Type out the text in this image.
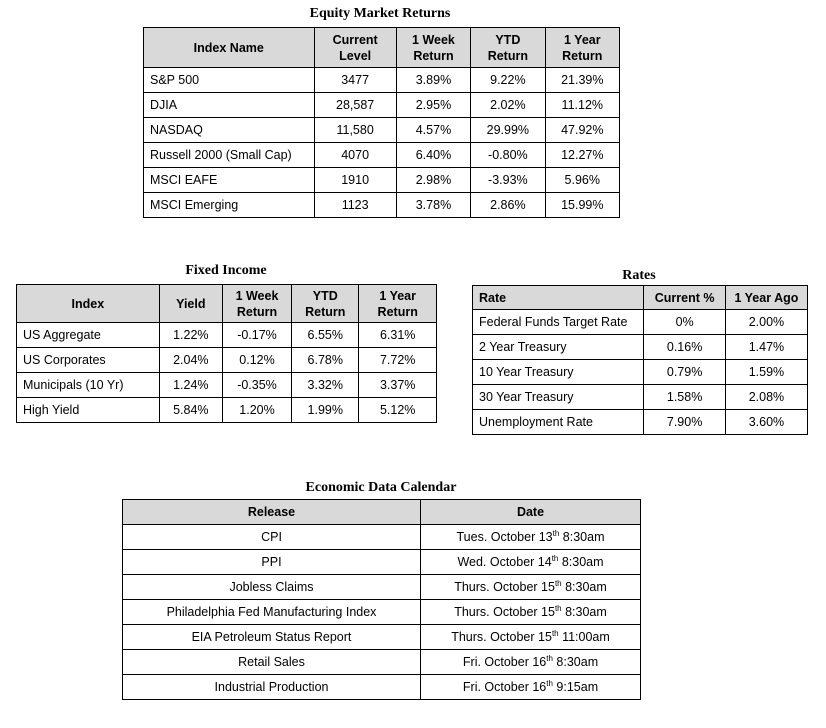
Equity Market Returns
Index Name	Current Level	1 Week Return	YTD Return	1 Year Return
S&P 500	3477	3.89%	9.22%	21.39%
DJIA	28,587	2.95%	2.02%	11.12%
NASDAQ	11,580	4.57%	29.99%	47.92%
Russell 2000 (Small Cap)	4070	6.40%	-0.80%	12.27%
MSCI EAFE	1910	2.98%	-3.93%	5.96%
MSCI Emerging	1123	3.78%	2.86%	15.99%
Fixed Income
Index	Yield	1 Week Return	YTD Return	1 Year Return
US Aggregate	1.22%	-0.17%	6.55%	6.31%
US Corporates	2.04%	0.12%	6.78%	7.72%
Municipals (10 Yr)	1.24%	-0.35%	3.32%	3.37%
High Yield	5.84%	1.20%	1.99%	5.12%
Rates
Rate	Current %	1 Year Ago
Federal Funds Target Rate	0%	2.00%
2 Year Treasury	0.16%	1.47%
10 Year Treasury	0.79%	1.59%
30 Year Treasury	1.58%	2.08%
Unemployment Rate	7.90%	3.60%
Economic Data Calendar
Release	Date
CPI	Tues. October 13th 8:30am
PPI	Wed. October 14th 8:30am
Jobless Claims	Thurs. October 15th 8:30am
Philadelphia Fed Manufacturing Index	Thurs. October 15th 8:30am
EIA Petroleum Status Report	Thurs. October 15th 11:00am
Retail Sales	Fri. October 16th 8:30am
Industrial Production	Fri. October 16th 9:15am
